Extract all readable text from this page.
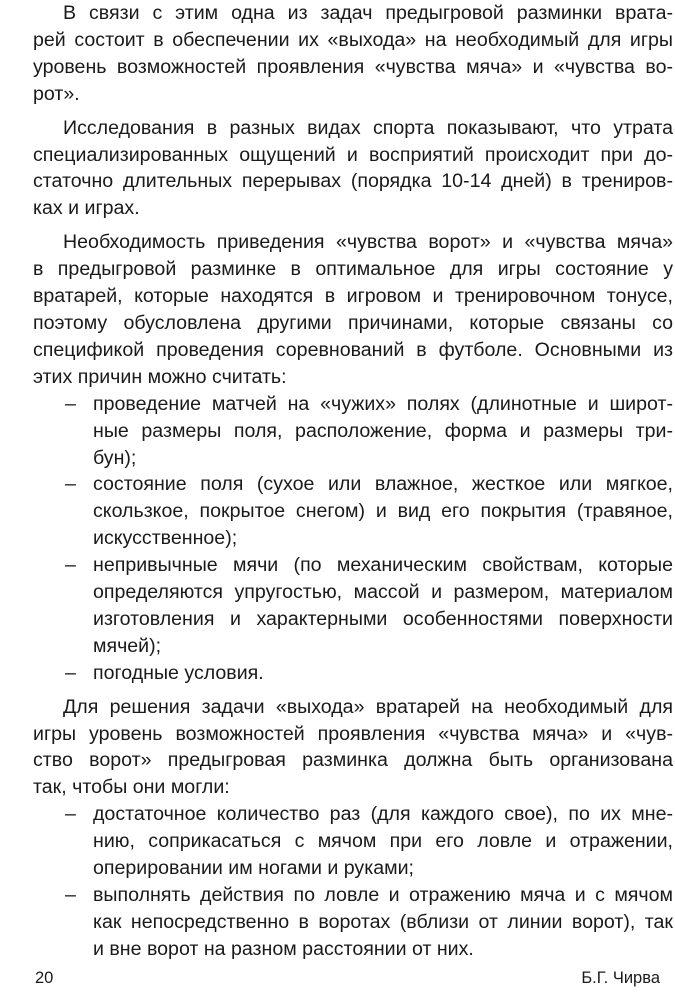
В связи с этим одна из задач предыгровой разминки врата-
рей состоит в обеспечении их «выхода» на необходимый для игры
уровень возможностей проявления «чувства мяча» и «чувства во-
рот».
Исследования в разных видах спорта показывают, что утрата
специализированных ощущений и восприятий происходит при до-
статочно длительных перерывах (порядка 10-14 дней) в трениров-
ках и играх.
Необходимость приведения «чувства ворот» и «чувства мяча»
в предыгровой разминке в оптимальное для игры состояние у
вратарей, которые находятся в игровом и тренировочном тонусе,
поэтому обусловлена другими причинами, которые связаны со
спецификой проведения соревнований в футболе. Основными из
этих причин можно считать:
– проведение матчей на «чужих» полях (длинотные и широт-
ные размеры поля, расположение, форма и размеры три-
бун);
– состояние поля (сухое или влажное, жесткое или мягкое,
скользкое, покрытое снегом) и вид его покрытия (травяное,
искусственное);
– непривычные мячи (по механическим свойствам, которые
определяются упругостью, массой и размером, материалом
изготовления и характерными особенностями поверхности
мячей);
– погодные условия.
Для решения задачи «выхода» вратарей на необходимый для
игры уровень возможностей проявления «чувства мяча» и «чув-
ство ворот» предыгровая разминка должна быть организована
так, чтобы они могли:
– достаточное количество раз (для каждого свое), по их мне-
нию, соприкасаться с мячом при его ловле и отражении,
оперировании им ногами и руками;
– выполнять действия по ловле и отражению мяча и с мячом
как непосредственно в воротах (вблизи от линии ворот), так
и вне ворот на разном расстоянии от них.
20	Б.Г. Чирва
